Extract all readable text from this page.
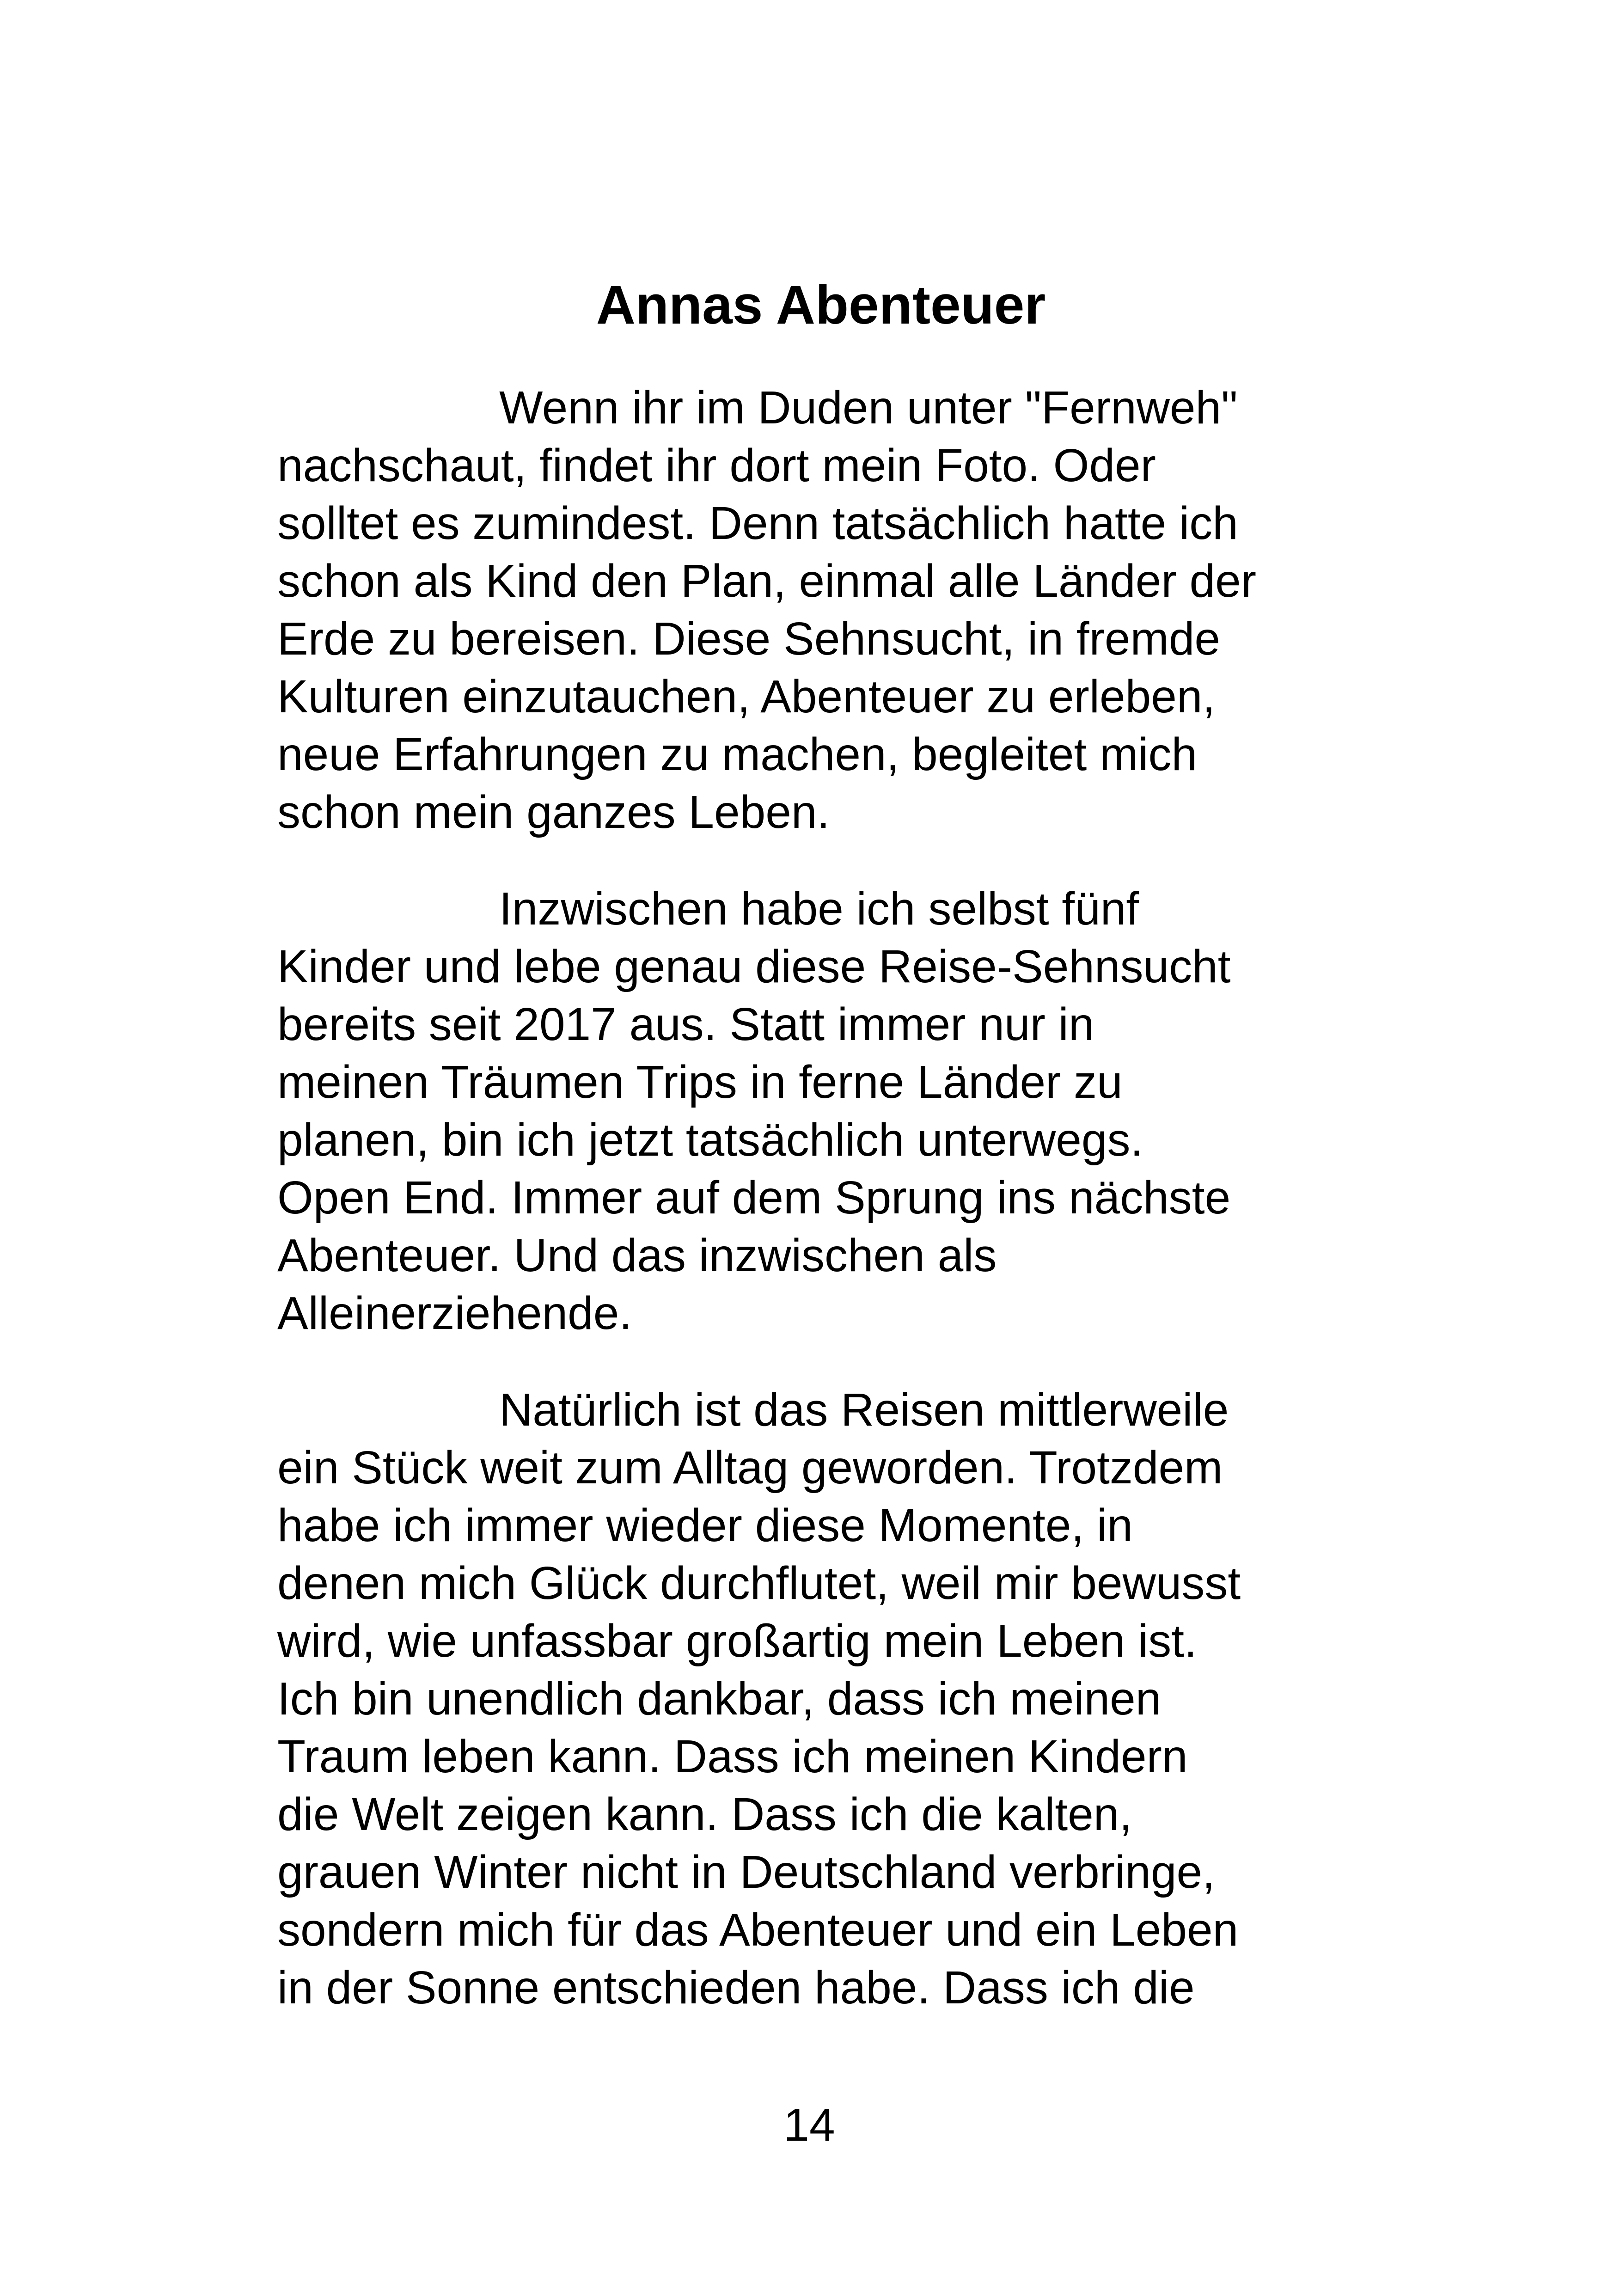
Annas Abenteuer

Wenn ihr im Duden unter "Fernweh"
nachschaut, findet ihr dort mein Foto. Oder
solltet es zumindest. Denn tatsächlich hatte ich
schon als Kind den Plan, einmal alle Länder der
Erde zu bereisen. Diese Sehnsucht, in fremde
Kulturen einzutauchen, Abenteuer zu erleben,
neue Erfahrungen zu machen, begleitet mich
schon mein ganzes Leben.

Inzwischen habe ich selbst fünf
Kinder und lebe genau diese Reise-Sehnsucht
bereits seit 2017 aus. Statt immer nur in
meinen Träumen Trips in ferne Länder zu
planen, bin ich jetzt tatsächlich unterwegs.
Open End. Immer auf dem Sprung ins nächste
Abenteuer. Und das inzwischen als
Alleinerziehende.

Natürlich ist das Reisen mittlerweile
ein Stück weit zum Alltag geworden. Trotzdem
habe ich immer wieder diese Momente, in
denen mich Glück durchflutet, weil mir bewusst
wird, wie unfassbar großartig mein Leben ist.
Ich bin unendlich dankbar, dass ich meinen
Traum leben kann. Dass ich meinen Kindern
die Welt zeigen kann. Dass ich die kalten,
grauen Winter nicht in Deutschland verbringe,
sondern mich für das Abenteuer und ein Leben
in der Sonne entschieden habe. Dass ich die

14
